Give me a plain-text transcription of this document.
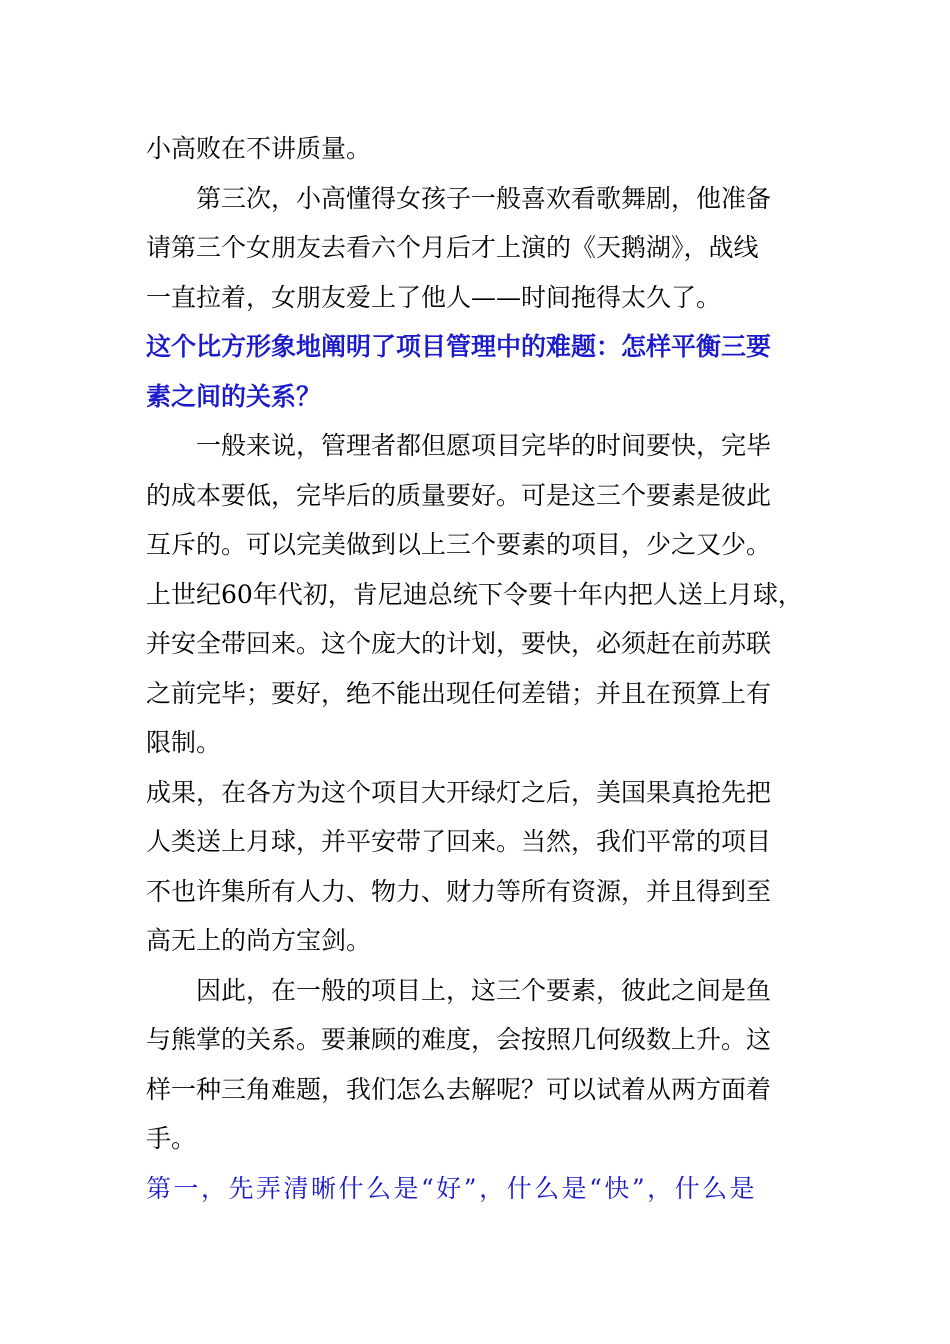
小高败在不讲质量。
第三次，小高懂得女孩子一般喜欢看歌舞剧，他准备
请第三个女朋友去看六个月后才上演的《天鹅湖》，战线
一直拉着，女朋友爱上了他人——时间拖得太久了。
这个比方形象地阐明了项目管理中的难题：怎样平衡三要
素之间的关系？
一般来说，管理者都但愿项目完毕的时间要快，完毕
的成本要低，完毕后的质量要好。可是这三个要素是彼此
互斥的。可以完美做到以上三个要素的项目，少之又少。
上世纪60年代初，肯尼迪总统下令要十年内把人送上月球，
并安全带回来。这个庞大的计划，要快，必须赶在前苏联
之前完毕；要好，绝不能出现任何差错；并且在预算上有
限制。
成果，在各方为这个项目大开绿灯之后，美国果真抢先把
人类送上月球，并平安带了回来。当然，我们平常的项目
不也许集所有人力、物力、财力等所有资源，并且得到至
高无上的尚方宝剑。
因此，在一般的项目上，这三个要素，彼此之间是鱼
与熊掌的关系。要兼顾的难度，会按照几何级数上升。这
样一种三角难题，我们怎么去解呢？可以试着从两方面着
手。
第一，先弄清晰什么是“好”，什么是“快”，什么是
